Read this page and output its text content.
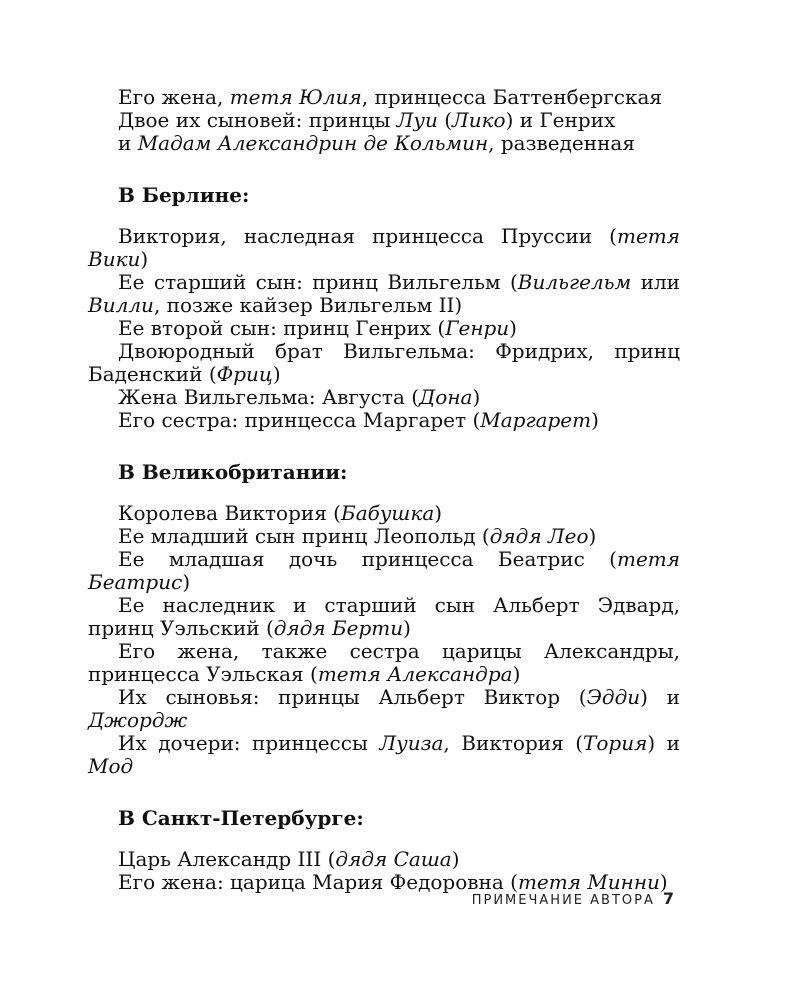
Его жена, тетя Юлия, принцесса Баттенбергская

Двое их сыновей: принцы Луи (Лико) и Генрих

и Мадам Александрин де Кольмин, разведенная

В Берлине:

Виктория, наследная принцесса Пруссии (тетя Вики)

Ее старший сын: принц Вильгельм (Вильгельм или Вилли, позже кайзер Вильгельм II)

Ее второй сын: принц Генрих (Генри)

Двоюродный брат Вильгельма: Фридрих, принц Баденский (Фриц)

Жена Вильгельма: Августа (Дона)

Его сестра: принцесса Маргарет (Маргарет)

В Великобритании:

Королева Виктория (Бабушка)

Ее младший сын принц Леопольд (дядя Лео)

Ее младшая дочь принцесса Беатрис (тетя Беатрис)

Ее наследник и старший сын Альберт Эдвард, принц Уэльский (дядя Берти)

Его жена, также сестра царицы Александры, принцесса Уэльская (тетя Александра)

Их сыновья: принцы Альберт Виктор (Эдди) и Джордж

Их дочери: принцессы Луиза, Виктория (Тория) и Мод

В Санкт-Петербурге:

Царь Александр III (дядя Саша)

Его жена: царица Мария Федоровна (тетя Минни)

ПРИМЕЧАНИЕ АВТОРА 7
